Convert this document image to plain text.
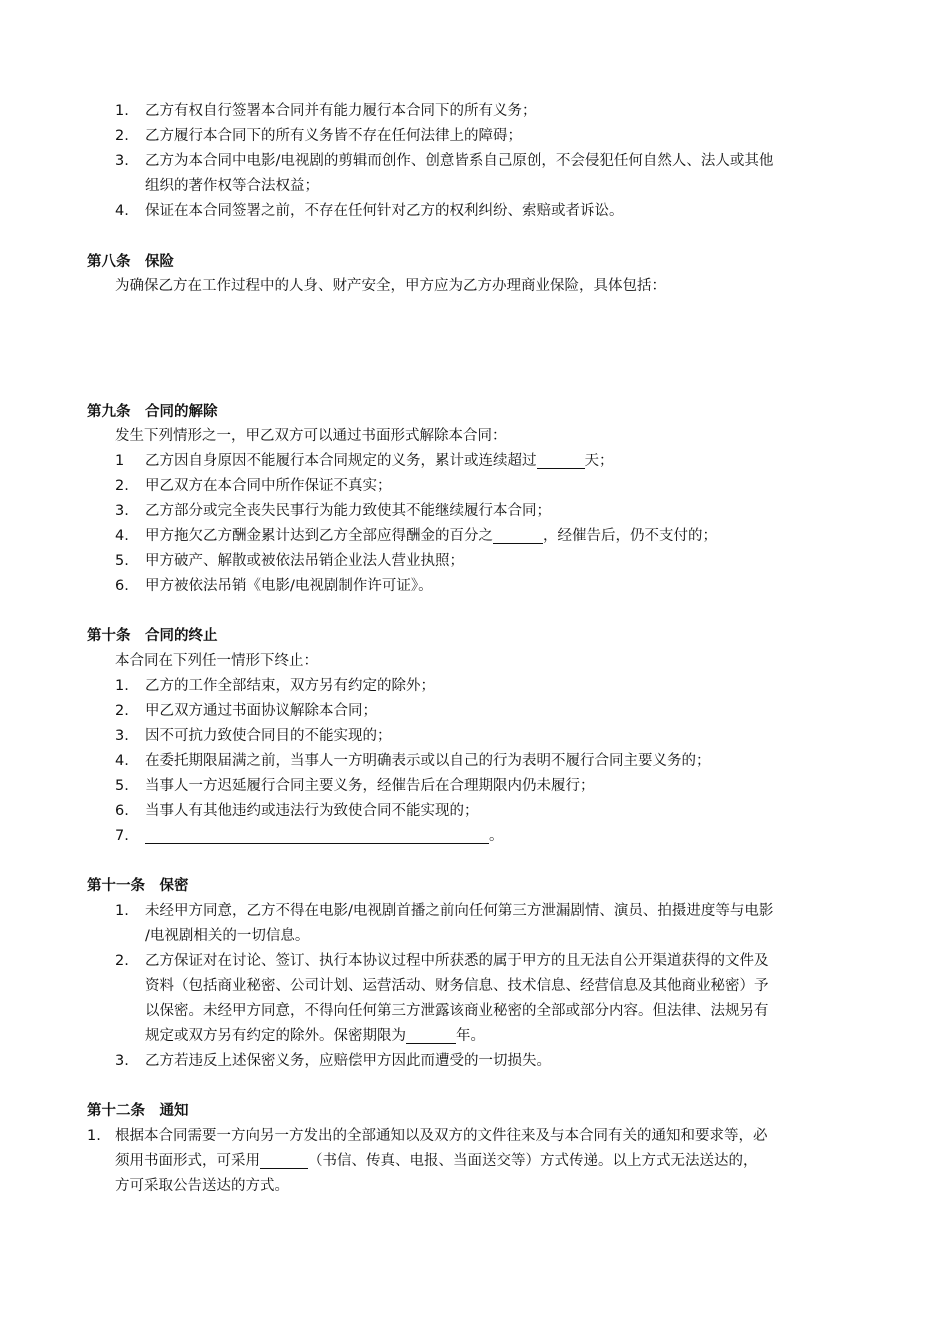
1.	乙方有权自行签署本合同并有能力履行本合同下的所有义务；
2.	乙方履行本合同下的所有义务皆不存在任何法律上的障碍；
3.	乙方为本合同中电影/电视剧的剪辑而创作、创意皆系自己原创，不会侵犯任何自然人、法人或其他
组织的著作权等合法权益；
4.	保证在本合同签署之前，不存在任何针对乙方的权利纠纷、索赔或者诉讼。
第八条　保险
为确保乙方在工作过程中的人身、财产安全，甲方应为乙方办理商业保险，具体包括：
第九条　合同的解除
发生下列情形之一，甲乙双方可以通过书面形式解除本合同：
1	乙方因自身原因不能履行本合同规定的义务，累计或连续超过	天；
2.	甲乙双方在本合同中所作保证不真实；
3.	乙方部分或完全丧失民事行为能力致使其不能继续履行本合同；
4.	甲方拖欠乙方酬金累计达到乙方全部应得酬金的百分之	，经催告后，仍不支付的；
5.	甲方破产、解散或被依法吊销企业法人营业执照；
6.	甲方被依法吊销《电影/电视剧制作许可证》。
第十条　合同的终止
本合同在下列任一情形下终止：
1.	乙方的工作全部结束，双方另有约定的除外；
2.	甲乙双方通过书面协议解除本合同；
3.	因不可抗力致使合同目的不能实现的；
4.	在委托期限届满之前，当事人一方明确表示或以自己的行为表明不履行合同主要义务的；
5.	当事人一方迟延履行合同主要义务，经催告后在合理期限内仍未履行；
6.	当事人有其他违约或违法行为致使合同不能实现的；
7.	。
第十一条　保密
1.	未经甲方同意，乙方不得在电影/电视剧首播之前向任何第三方泄漏剧情、演员、拍摄进度等与电影
/电视剧相关的一切信息。
2.	乙方保证对在讨论、签订、执行本协议过程中所获悉的属于甲方的且无法自公开渠道获得的文件及
资料（包括商业秘密、公司计划、运营活动、财务信息、技术信息、经营信息及其他商业秘密）予
以保密。未经甲方同意，不得向任何第三方泄露该商业秘密的全部或部分内容。但法律、法规另有
规定或双方另有约定的除外。保密期限为	年。
3.	乙方若违反上述保密义务，应赔偿甲方因此而遭受的一切损失。
第十二条　通知
1. 根据本合同需要一方向另一方发出的全部通知以及双方的文件往来及与本合同有关的通知和要求等，必
须用书面形式，可采用	（书信、传真、电报、当面送交等）方式传递。以上方式无法送达的，
方可采取公告送达的方式。
